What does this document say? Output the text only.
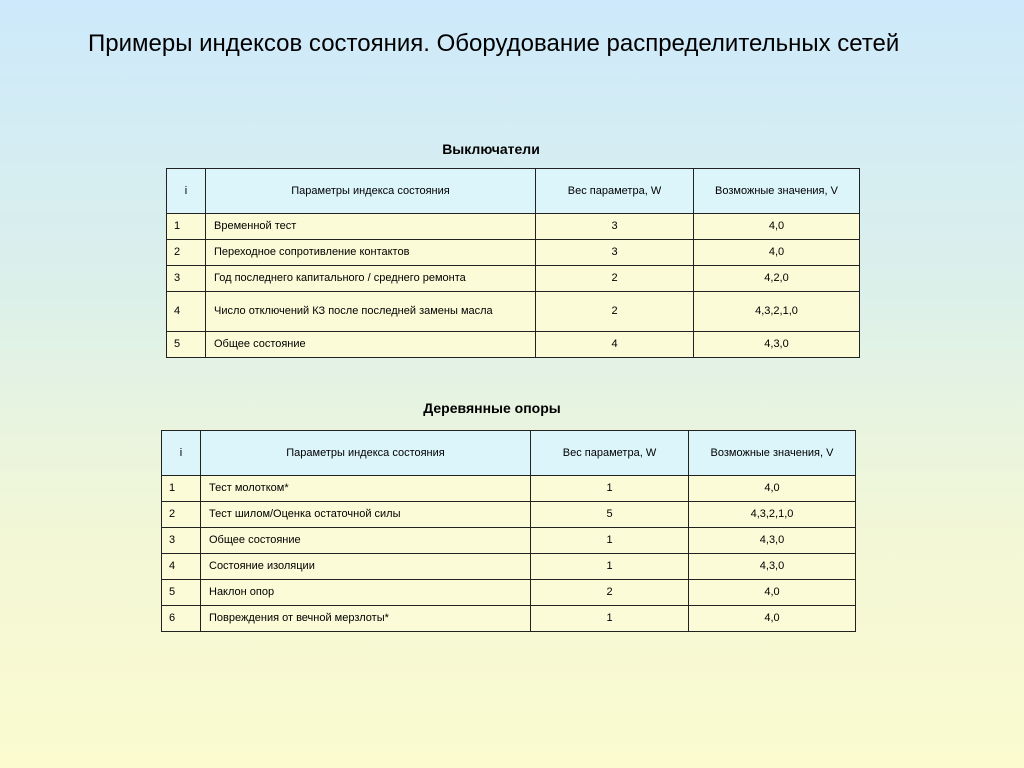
Примеры индексов состояния. Оборудование распределительных сетей
Выключатели
i	Параметры индекса состояния	Вес параметра, W	Возможные значения, V
1	Временной тест	3	4,0
2	Переходное сопротивление контактов	3	4,0
3	Год последнего капитального / среднего ремонта	2	4,2,0
4	Число отключений КЗ после последней замены масла	2	4,3,2,1,0
5	Общее состояние	4	4,3,0
Деревянные опоры
i	Параметры индекса состояния	Вес параметра, W	Возможные значения, V
1	Тест молотком*	1	4,0
2	Тест шилом/Оценка остаточной силы	5	4,3,2,1,0
3	Общее состояние	1	4,3,0
4	Состояние изоляции	1	4,3,0
5	Наклон опор	2	4,0
6	Повреждения от вечной мерзлоты*	1	4,0
